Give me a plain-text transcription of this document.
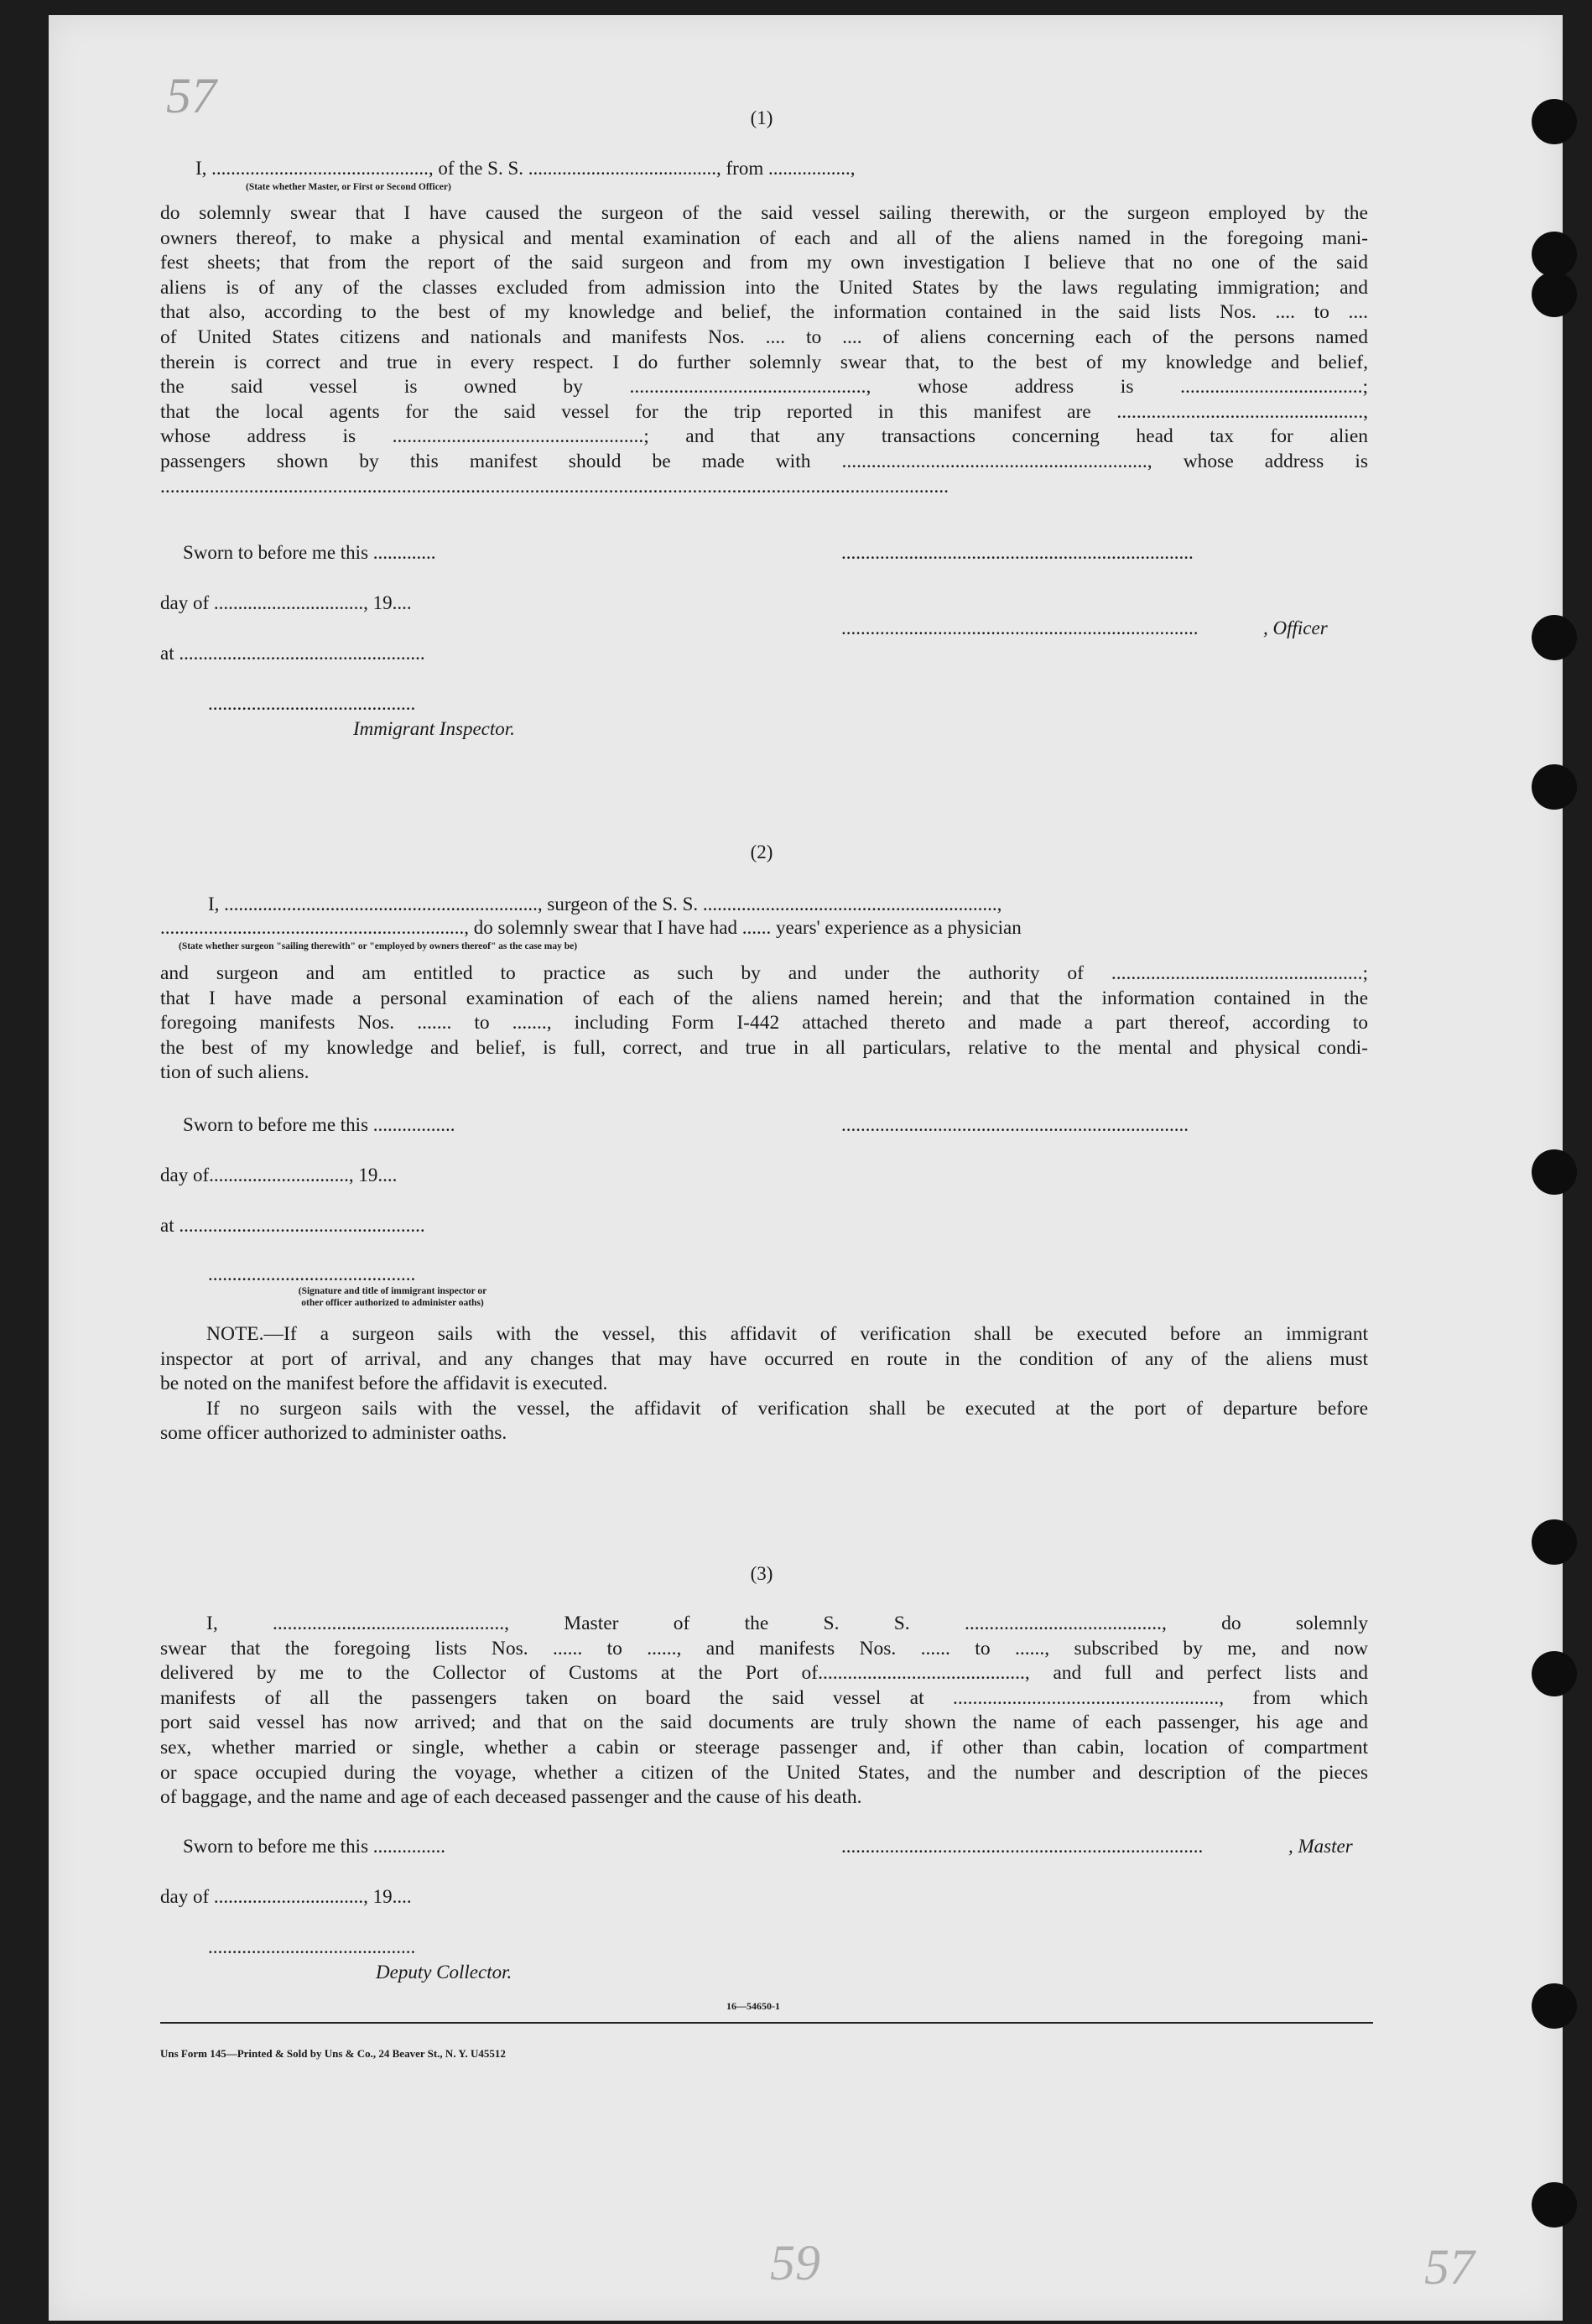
57
59	57
(1)
I, ............................................., of the S. S. ......................................., from .................,
(State whether Master, or First or Second Officer)
do solemnly swear that I have caused the surgeon of the said vessel sailing therewith, or the surgeon employed by the
owners thereof, to make a physical and mental examination of each and all of the aliens named in the foregoing mani-
fest sheets; that from the report of the said surgeon and from my own investigation I believe that no one of the said
aliens is of any of the classes excluded from admission into the United States by the laws regulating immigration; and
that also, according to the best of my knowledge and belief, the information contained in the said lists Nos. .... to ....
of United States citizens and nationals and manifests Nos. .... to .... of aliens concerning each of the persons named
therein is correct and true in every respect. I do further solemnly swear that, to the best of my knowledge and belief,
the said vessel is owned by ................................................, whose address is .....................................;
that the local agents for the said vessel for the trip reported in this manifest are ..................................................,
whose address is ...................................................; and that any transactions concerning head tax for alien
passengers shown by this manifest should be made with .............................................................., whose address is
................................................................................................................................................................
Sworn to before me this .............
day of ..............................., 19....
at ...................................................
...........................................
Immigrant Inspector.
.........................................................................
..........................................................................	, Officer
(2)
I, ................................................................., surgeon of the S. S. .............................................................,
..............................................................., do solemnly swear that I have had ...... years' experience as a physician
(State whether surgeon "sailing therewith" or "employed by owners thereof" as the case may be)
and surgeon and am entitled to practice as such by and under the authority of ...................................................;
that I have made a personal examination of each of the aliens named herein; and that the information contained in the
foregoing manifests Nos. ....... to ......., including Form I-442 attached thereto and made a part thereof, according to
the best of my knowledge and belief, is full, correct, and true in all particulars, relative to the mental and physical condi-
tion of such aliens.
Sworn to before me this .................
day of............................., 19....
at ...................................................
...........................................
(Signature and title of immigrant inspector or
other officer authorized to administer oaths)
........................................................................
NOTE.—If a surgeon sails with the vessel, this affidavit of verification shall be executed before an immigrant
inspector at port of arrival, and any changes that may have occurred en route in the condition of any of the aliens must
be noted on the manifest before the affidavit is executed.
If no surgeon sails with the vessel, the affidavit of verification shall be executed at the port of departure before
some officer authorized to administer oaths.
(3)
I, ..............................................., Master of the S. S. ........................................, do solemnly
swear that the foregoing lists Nos. ...... to ......, and manifests Nos. ...... to ......, subscribed by me, and now
delivered by me to the Collector of Customs at the Port of.........................................., and full and perfect lists and
manifests of all the passengers taken on board the said vessel at ......................................................, from which
port said vessel has now arrived; and that on the said documents are truly shown the name of each passenger, his age and
sex, whether married or single, whether a cabin or steerage passenger and, if other than cabin, location of compartment
or space occupied during the voyage, whether a citizen of the United States, and the number and description of the pieces
of baggage, and the name and age of each deceased passenger and the cause of his death.
Sworn to before me this ...............
day of ..............................., 19....
...........................................
Deputy Collector.
...........................................................................	, Master
16—54650-1
Uns Form 145—Printed & Sold by Uns & Co., 24 Beaver St., N. Y. U45512
